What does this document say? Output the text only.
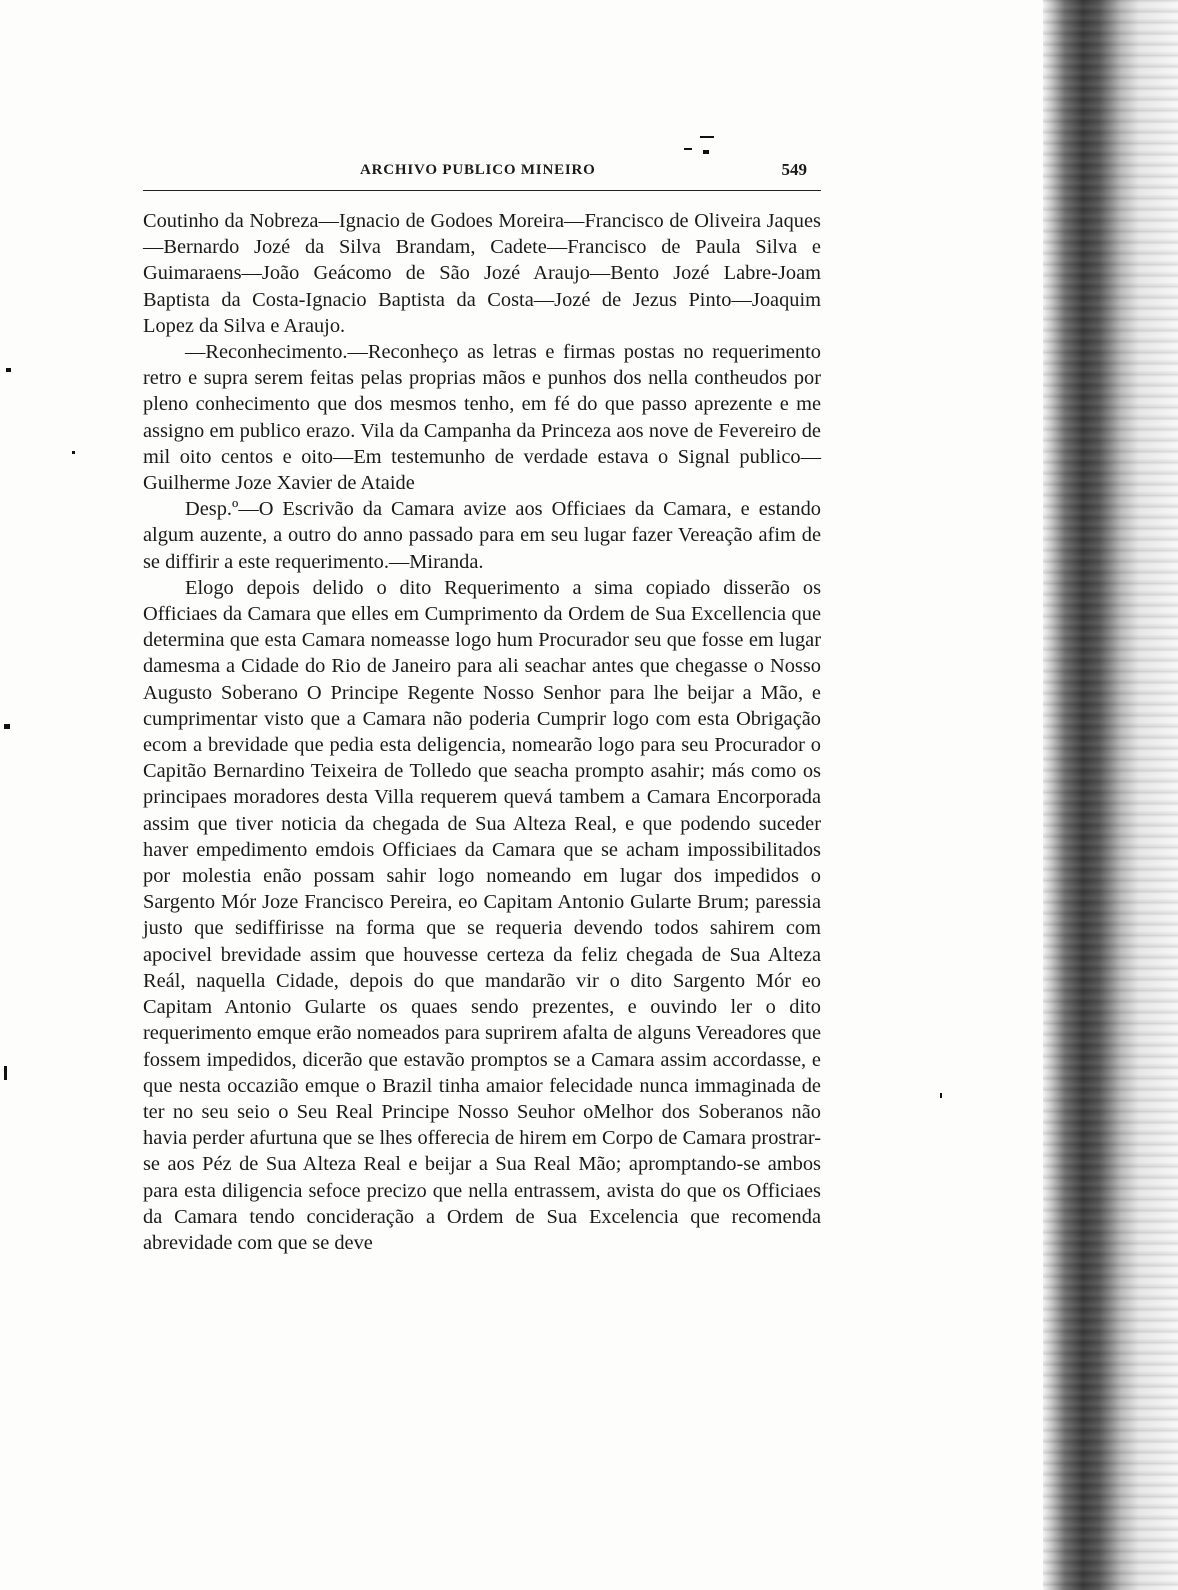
ARCHIVO PUBLICO MINEIRO	549

Coutinho da Nobreza—Ignacio de Godoes Moreira—Francisco de Oliveira Jaques—Bernardo Jozé da Silva Brandam, Cadete—Francisco de Paula Silva e Guimaraens—João Geácomo de São Jozé Araujo—Bento Jozé Labre-Joam Baptista da Costa-Ignacio Baptista da Costa—Jozé de Jezus Pinto—Joaquim Lopez da Silva e Araujo.

—Reconhecimento.—Reconheço as letras e firmas postas no requerimento retro e supra serem feitas pelas proprias mãos e punhos dos nella contheudos por pleno conhecimento que dos mesmos tenho, em fé do que passo aprezente e me assigno em publico erazo. Vila da Campanha da Princeza aos nove de Fevereiro de mil oito centos e oito—Em testemunho de verdade estava o Signal publico—Guilherme Joze Xavier de Ataide

Desp.º—O Escrivão da Camara avize aos Officiaes da Camara, e estando algum auzente, a outro do anno passado para em seu lugar fazer Vereação afim de se diffirir a este requerimento.—Miranda.

Elogo depois delido o dito Requerimento a sima copiado disserão os Officiaes da Camara que elles em Cumprimento da Ordem de Sua Excellencia que determina que esta Camara nomeasse logo hum Procurador seu que fosse em lugar damesma a Cidade do Rio de Janeiro para ali seachar antes que chegasse o Nosso Augusto Soberano O Principe Regente Nosso Senhor para lhe beijar a Mão, e cumprimentar visto que a Camara não poderia Cumprir logo com esta Obrigação ecom a brevidade que pedia esta deligencia, nomearão logo para seu Procurador o Capitão Bernardino Teixeira de Tolledo que seacha prompto asahir; más como os principaes moradores desta Villa requerem quevá tambem a Camara Encorporada assim que tiver noticia da chegada de Sua Alteza Real, e que podendo suceder haver empedimento emdois Officiaes da Camara que se acham impossibilitados por molestia enão possam sahir logo nomeando em lugar dos impedidos o Sargento Mór Joze Francisco Pereira, eo Capitam Antonio Gularte Brum; paressia justo que sediffirisse na forma que se requeria devendo todos sahirem com apocivel brevidade assim que houvesse certeza da feliz chegada de Sua Alteza Reál, naquella Cidade, depois do que mandarão vir o dito Sargento Mór eo Capitam Antonio Gularte os quaes sendo prezentes, e ouvindo ler o dito requerimento emque erão nomeados para suprirem afalta de alguns Vereadores que fossem impedidos, dicerão que estavão promptos se a Camara assim accordasse, e que nesta occazião emque o Brazil tinha amaior felecidade nunca immaginada de ter no seu seio o Seu Real Principe Nosso Seuhor oMelhor dos Soberanos não havia perder afurtuna que se lhes offerecia de hirem em Corpo de Camara prostrar-se aos Péz de Sua Alteza Real e beijar a Sua Real Mão; apromptando-se ambos para esta diligencia sefoce precizo que nella entrassem, avista do que os Officiaes da Camara tendo concideração a Ordem de Sua Excelencia que recomenda abrevidade com que se deve
